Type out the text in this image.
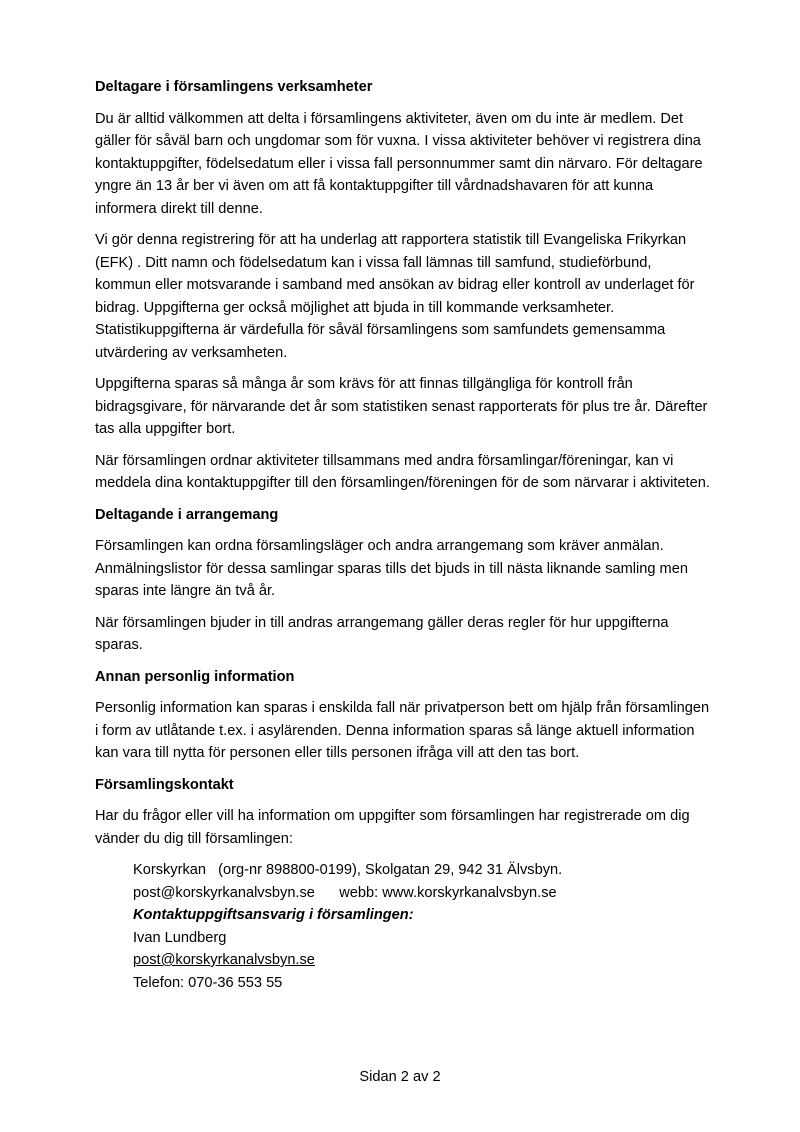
Deltagare i församlingens verksamheter

Du är alltid välkommen att delta i församlingens aktiviteter, även om du inte är medlem. Det gäller för såväl barn och ungdomar som för vuxna. I vissa aktiviteter behöver vi registrera dina kontaktuppgifter, födelsedatum eller i vissa fall personnummer samt din närvaro. För deltagare yngre än 13 år ber vi även om att få kontaktuppgifter till vårdnadshavaren för att kunna informera direkt till denne.

Vi gör denna registrering för att ha underlag att rapportera statistik till Evangeliska Frikyrkan (EFK) . Ditt namn och födelsedatum kan i vissa fall lämnas till samfund, studieförbund, kommun eller motsvarande i samband med ansökan av bidrag eller kontroll av underlaget för bidrag. Uppgifterna ger också möjlighet att bjuda in till kommande verksamheter. Statistikuppgifterna är värdefulla för såväl församlingens som samfundets gemensamma utvärdering av verksamheten.

Uppgifterna sparas så många år som krävs för att finnas tillgängliga för kontroll från bidragsgivare, för närvarande det år som statistiken senast rapporterats för plus tre år. Därefter tas alla uppgifter bort.

När församlingen ordnar aktiviteter tillsammans med andra församlingar/föreningar, kan vi meddela dina kontaktuppgifter till den församlingen/föreningen för de som närvarar i aktiviteten.

Deltagande i arrangemang

Församlingen kan ordna församlingsläger och andra arrangemang som kräver anmälan. Anmälningslistor för dessa samlingar sparas tills det bjuds in till nästa liknande samling men sparas inte längre än två år.

När församlingen bjuder in till andras arrangemang gäller deras regler för hur uppgifterna sparas.

Annan personlig information

Personlig information kan sparas i enskilda fall när privatperson bett om hjälp från församlingen i form av utlåtande t.ex. i asylärenden. Denna information sparas så länge aktuell information kan vara till nytta för personen eller tills personen ifråga vill att den tas bort.

Församlingskontakt

Har du frågor eller vill ha information om uppgifter som församlingen har registrerade om dig vänder du dig till församlingen:

Korskyrkan (org-nr 898800-0199), Skolgatan 29, 942 31 Älvsbyn.
post@korskyrkanalvsbyn.se webb: www.korskyrkanalvsbyn.se
Kontaktuppgiftsansvarig i församlingen:
Ivan Lundberg
post@korskyrkanalvsbyn.se
Telefon: 070-36 553 55
Sidan 2 av 2
